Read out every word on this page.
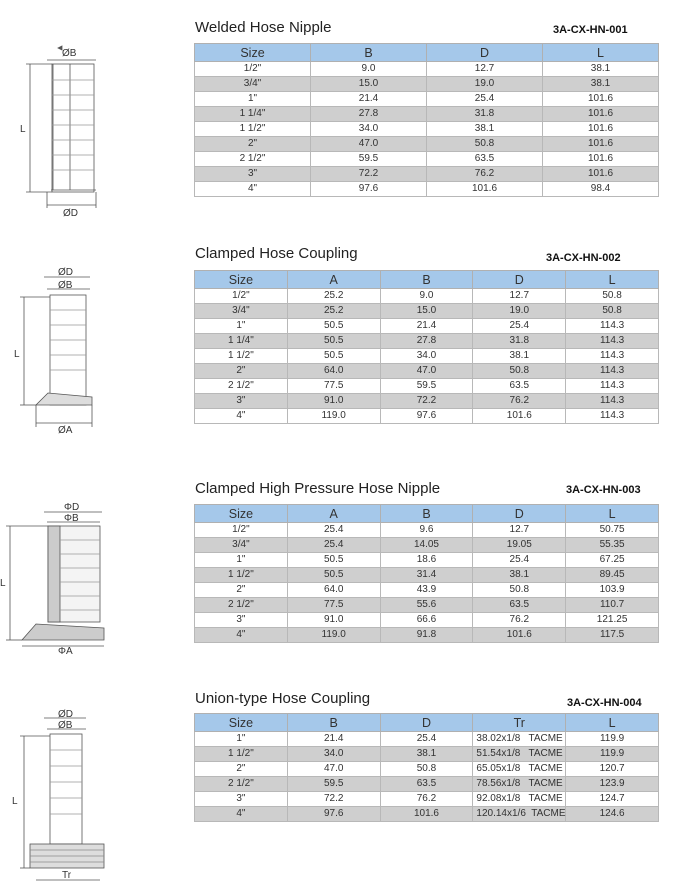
Welded Hose Nipple	3A-CX-HN-001
ØB
L
ØD
Size	B	D	L
1/2"	9.0	12.7	38.1
3/4"	15.0	19.0	38.1
1"	21.4	25.4	101.6
1 1/4"	27.8	31.8	101.6
1 1/2"	34.0	38.1	101.6
2"	47.0	50.8	101.6
2 1/2"	59.5	63.5	101.6
3"	72.2	76.2	101.6
4"	97.6	101.6	98.4
Clamped Hose Coupling	3A-CX-HN-002
ØD
ØB
L
ØA
Size	A	B	D	L
1/2"	25.2	9.0	12.7	50.8
3/4"	25.2	15.0	19.0	50.8
1"	50.5	21.4	25.4	114.3
1 1/4"	50.5	27.8	31.8	114.3
1 1/2"	50.5	34.0	38.1	114.3
2"	64.0	47.0	50.8	114.3
2 1/2"	77.5	59.5	63.5	114.3
3"	91.0	72.2	76.2	114.3
4"	119.0	97.6	101.6	114.3
Clamped High Pressure Hose Nipple	3A-CX-HN-003
ΦD
ΦB
L
ΦA
Size	A	B	D	L
1/2"	25.4	9.6	12.7	50.75
3/4"	25.4	14.05	19.05	55.35
1"	50.5	18.6	25.4	67.25
1 1/2"	50.5	31.4	38.1	89.45
2"	64.0	43.9	50.8	103.9
2 1/2"	77.5	55.6	63.5	110.7
3"	91.0	66.6	76.2	121.25
4"	119.0	91.8	101.6	117.5
Union-type Hose Coupling	3A-CX-HN-004
ØD
ØB
L
Tr
Size	B	D	Tr	L
1"	21.4	25.4	38.02x1/8   TACME	119.9
1 1/2"	34.0	38.1	51.54x1/8   TACME	119.9
2"	47.0	50.8	65.05x1/8   TACME	120.7
2 1/2"	59.5	63.5	78.56x1/8   TACME	123.9
3"	72.2	76.2	92.08x1/8   TACME	124.7
4"	97.6	101.6	120.14x1/6  TACME	124.6
